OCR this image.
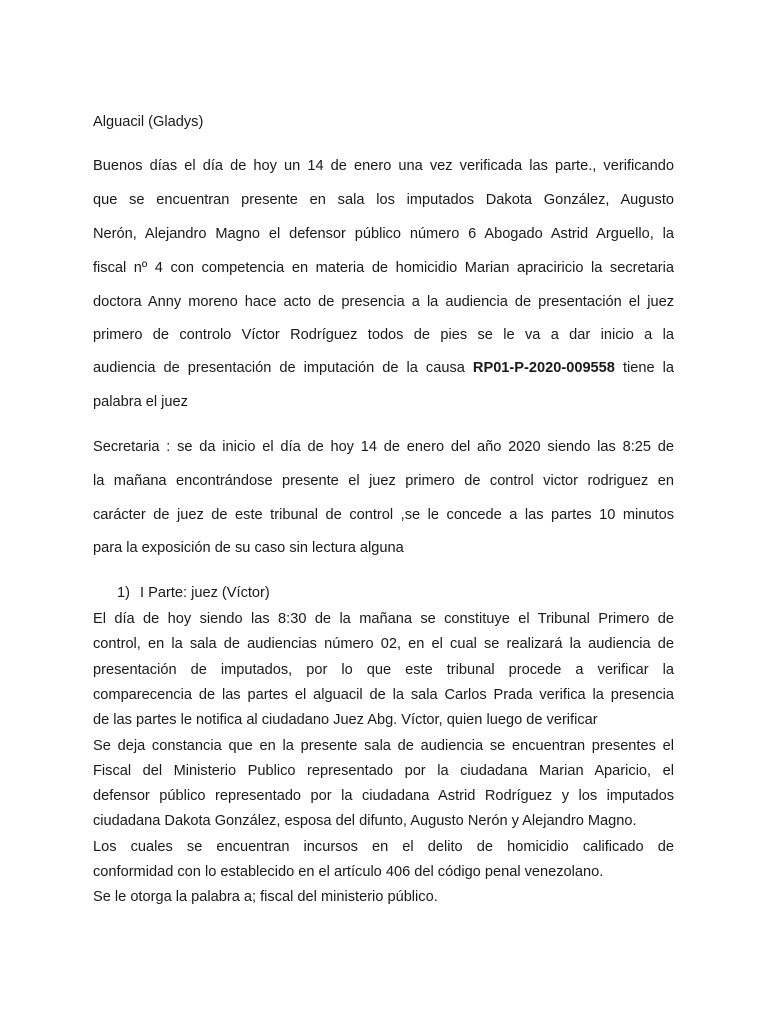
Alguacil (Gladys)
Buenos días el día de hoy un 14 de enero una vez verificada las parte., verificando
que se encuentran presente en sala los imputados Dakota González, Augusto
Nerón, Alejandro Magno el defensor público número 6 Abogado Astrid Arguello, la
fiscal nº 4 con competencia en materia de homicidio Marian apraciricio la secretaria
doctora Anny moreno hace acto de presencia a la audiencia de presentación el juez
primero de controlo Víctor Rodríguez todos de pies se le va a dar inicio a la
audiencia de presentación de imputación de la causa RP01-P-2020-009558 tiene la
palabra el juez
Secretaria : se da inicio el día de hoy 14 de enero del año 2020 siendo las 8:25 de
la mañana encontrándose presente el juez primero de control victor rodriguez en
carácter de juez de este tribunal de control ,se le concede a las partes 10 minutos
para la exposición de su caso sin lectura alguna
1) I Parte: juez (Víctor)
El día de hoy siendo las 8:30 de la mañana se constituye el Tribunal Primero de
control, en la sala de audiencias número 02, en el cual se realizará la audiencia de
presentación de imputados, por lo que este tribunal procede a verificar la
comparecencia de las partes el alguacil de la sala Carlos Prada verifica la presencia
de las partes le notifica al ciudadano Juez Abg. Víctor, quien luego de verificar
Se deja constancia que en la presente sala de audiencia se encuentran presentes el
Fiscal del Ministerio Publico representado por la ciudadana Marian Aparicio, el
defensor público representado por la ciudadana Astrid Rodríguez y los imputados
ciudadana Dakota González, esposa del difunto, Augusto Nerón y Alejandro Magno.
Los cuales se encuentran incursos en el delito de homicidio calificado de
conformidad con lo establecido en el artículo 406 del código penal venezolano.
Se le otorga la palabra a; fiscal del ministerio público.
